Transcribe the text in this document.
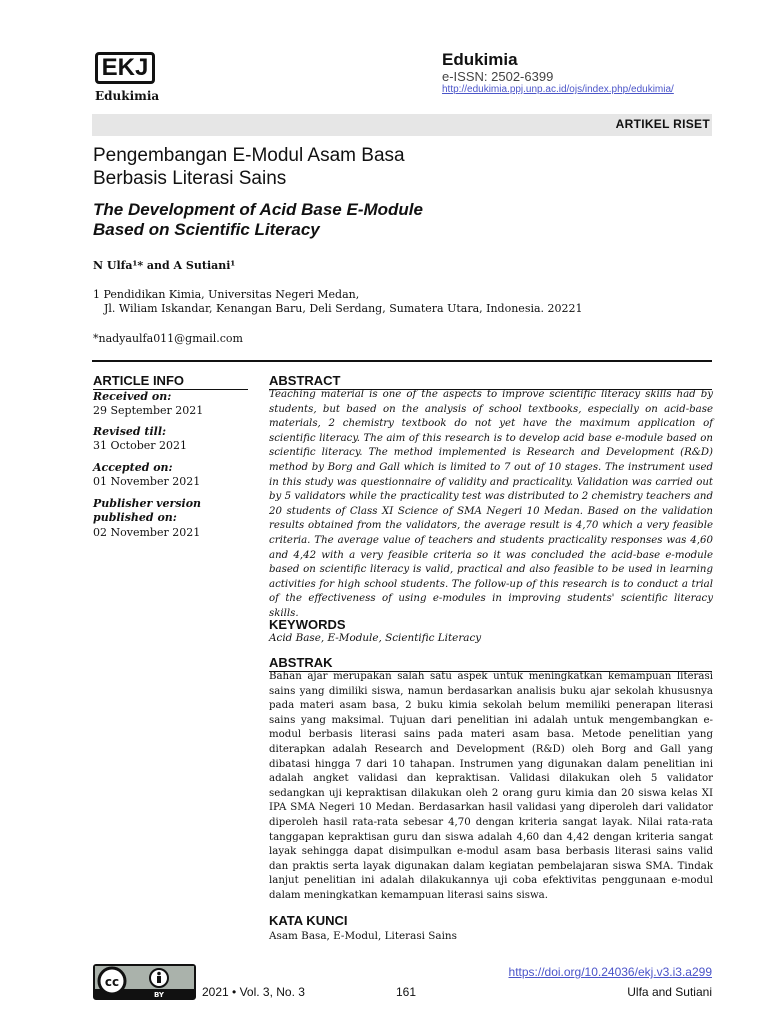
EKJ
Edukimia
Edukimia
e-ISSN: 2502-6399
http://edukimia.ppj.unp.ac.id/ojs/index.php/edukimia/
ARTIKEL RISET
Pengembangan E-Modul Asam Basa
Berbasis Literasi Sains
The Development of Acid Base E-Module
Based on Scientific Literacy
N Ulfa¹* and A Sutiani¹
1 Pendidikan Kimia, Universitas Negeri Medan,
Jl. Wiliam Iskandar, Kenangan Baru, Deli Serdang, Sumatera Utara, Indonesia. 20221
*nadyaulfa011@gmail.com
ARTICLE INFO
Received on:
29 September 2021
Revised till:
31 October 2021
Accepted on:
01 November 2021
Publisher version
published on:
02 November 2021
ABSTRACT
Teaching material is one of the aspects to improve scientific literacy skills had by students, but based on the analysis of school textbooks, especially on acid-base materials, 2 chemistry textbook do not yet have the maximum application of scientific literacy. The aim of this research is to develop acid base e-module based on scientific literacy. The method implemented is Research and Development (R&D) method by Borg and Gall which is limited to 7 out of 10 stages. The instrument used in this study was questionnaire of validity and practicality. Validation was carried out by 5 validators while the practicality test was distributed to 2 chemistry teachers and 20 students of Class XI Science of SMA Negeri 10 Medan. Based on the validation results obtained from the validators, the average result is 4,70 which a very feasible criteria. The average value of teachers and students practicality responses was 4,60 and 4,42 with a very feasible criteria so it was concluded the acid-base e-module based on scientific literacy is valid, practical and also feasible to be used in learning activities for high school students. The follow-up of this research is to conduct a trial of the effectiveness of using e-modules in improving students' scientific literacy skills.
KEYWORDS
Acid Base, E-Module, Scientific Literacy
ABSTRAK
Bahan ajar merupakan salah satu aspek untuk meningkatkan kemampuan literasi sains yang dimiliki siswa, namun berdasarkan analisis buku ajar sekolah khususnya pada materi asam basa, 2 buku kimia sekolah belum memiliki penerapan literasi sains yang maksimal. Tujuan dari penelitian ini adalah untuk mengembangkan e-modul berbasis literasi sains pada materi asam basa. Metode penelitian yang diterapkan adalah Research and Development (R&D) oleh Borg and Gall yang dibatasi hingga 7 dari 10 tahapan. Instrumen yang digunakan dalam penelitian ini adalah angket validasi dan kepraktisan. Validasi dilakukan oleh 5 validator sedangkan uji kepraktisan dilakukan oleh 2 orang guru kimia dan 20 siswa kelas XI IPA SMA Negeri 10 Medan. Berdasarkan hasil validasi yang diperoleh dari validator diperoleh hasil rata-rata sebesar 4,70 dengan kriteria sangat layak. Nilai rata-rata tanggapan kepraktisan guru dan siswa adalah 4,60 dan 4,42 dengan kriteria sangat layak sehingga dapat disimpulkan e-modul asam basa berbasis literasi sains valid dan praktis serta layak digunakan dalam kegiatan pembelajaran siswa SMA. Tindak lanjut penelitian ini adalah dilakukannya uji coba efektivitas penggunaan e-modul dalam meningkatkan kemampuan literasi sains siswa.
KATA KUNCI
Asam Basa, E-Modul, Literasi Sains
cc
BY
https://doi.org/10.24036/ekj.v3.i3.a299
2021 • Vol. 3, No. 3	161	Ulfa and Sutiani
